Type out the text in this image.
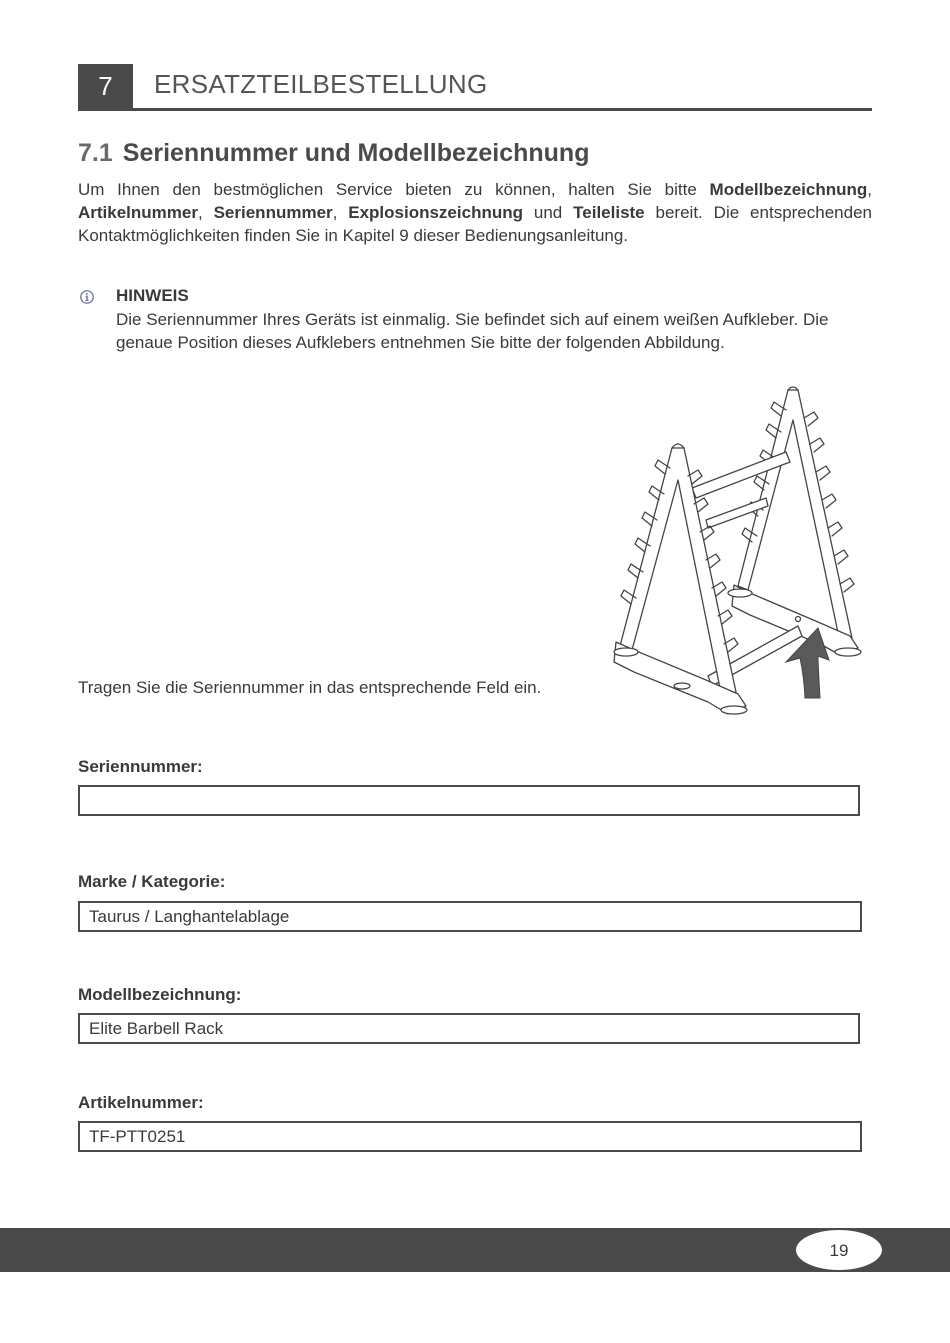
7	ERSATZTEILBESTELLUNG
7.1 Seriennummer und Modellbezeichnung

Um Ihnen den bestmöglichen Service bieten zu können, halten Sie bitte Modellbezeichnung, Artikelnummer, Seriennummer, Explosionszeichnung und Teileliste bereit. Die entsprechenden Kontaktmöglichkeiten finden Sie in Kapitel 9 dieser Bedienungsanleitung.

HINWEIS

Die Seriennummer Ihres Geräts ist einmalig. Sie befindet sich auf einem weißen Aufkleber. Die genaue Position dieses Aufklebers entnehmen Sie bitte der folgenden Abbildung.

Tragen Sie die Seriennummer in das entsprechende Feld ein.
Seriennummer:
Marke / Kategorie:
Taurus / Langhantelablage
Modellbezeichnung:
Elite Barbell Rack
Artikelnummer:
TF-PTT0251
19
